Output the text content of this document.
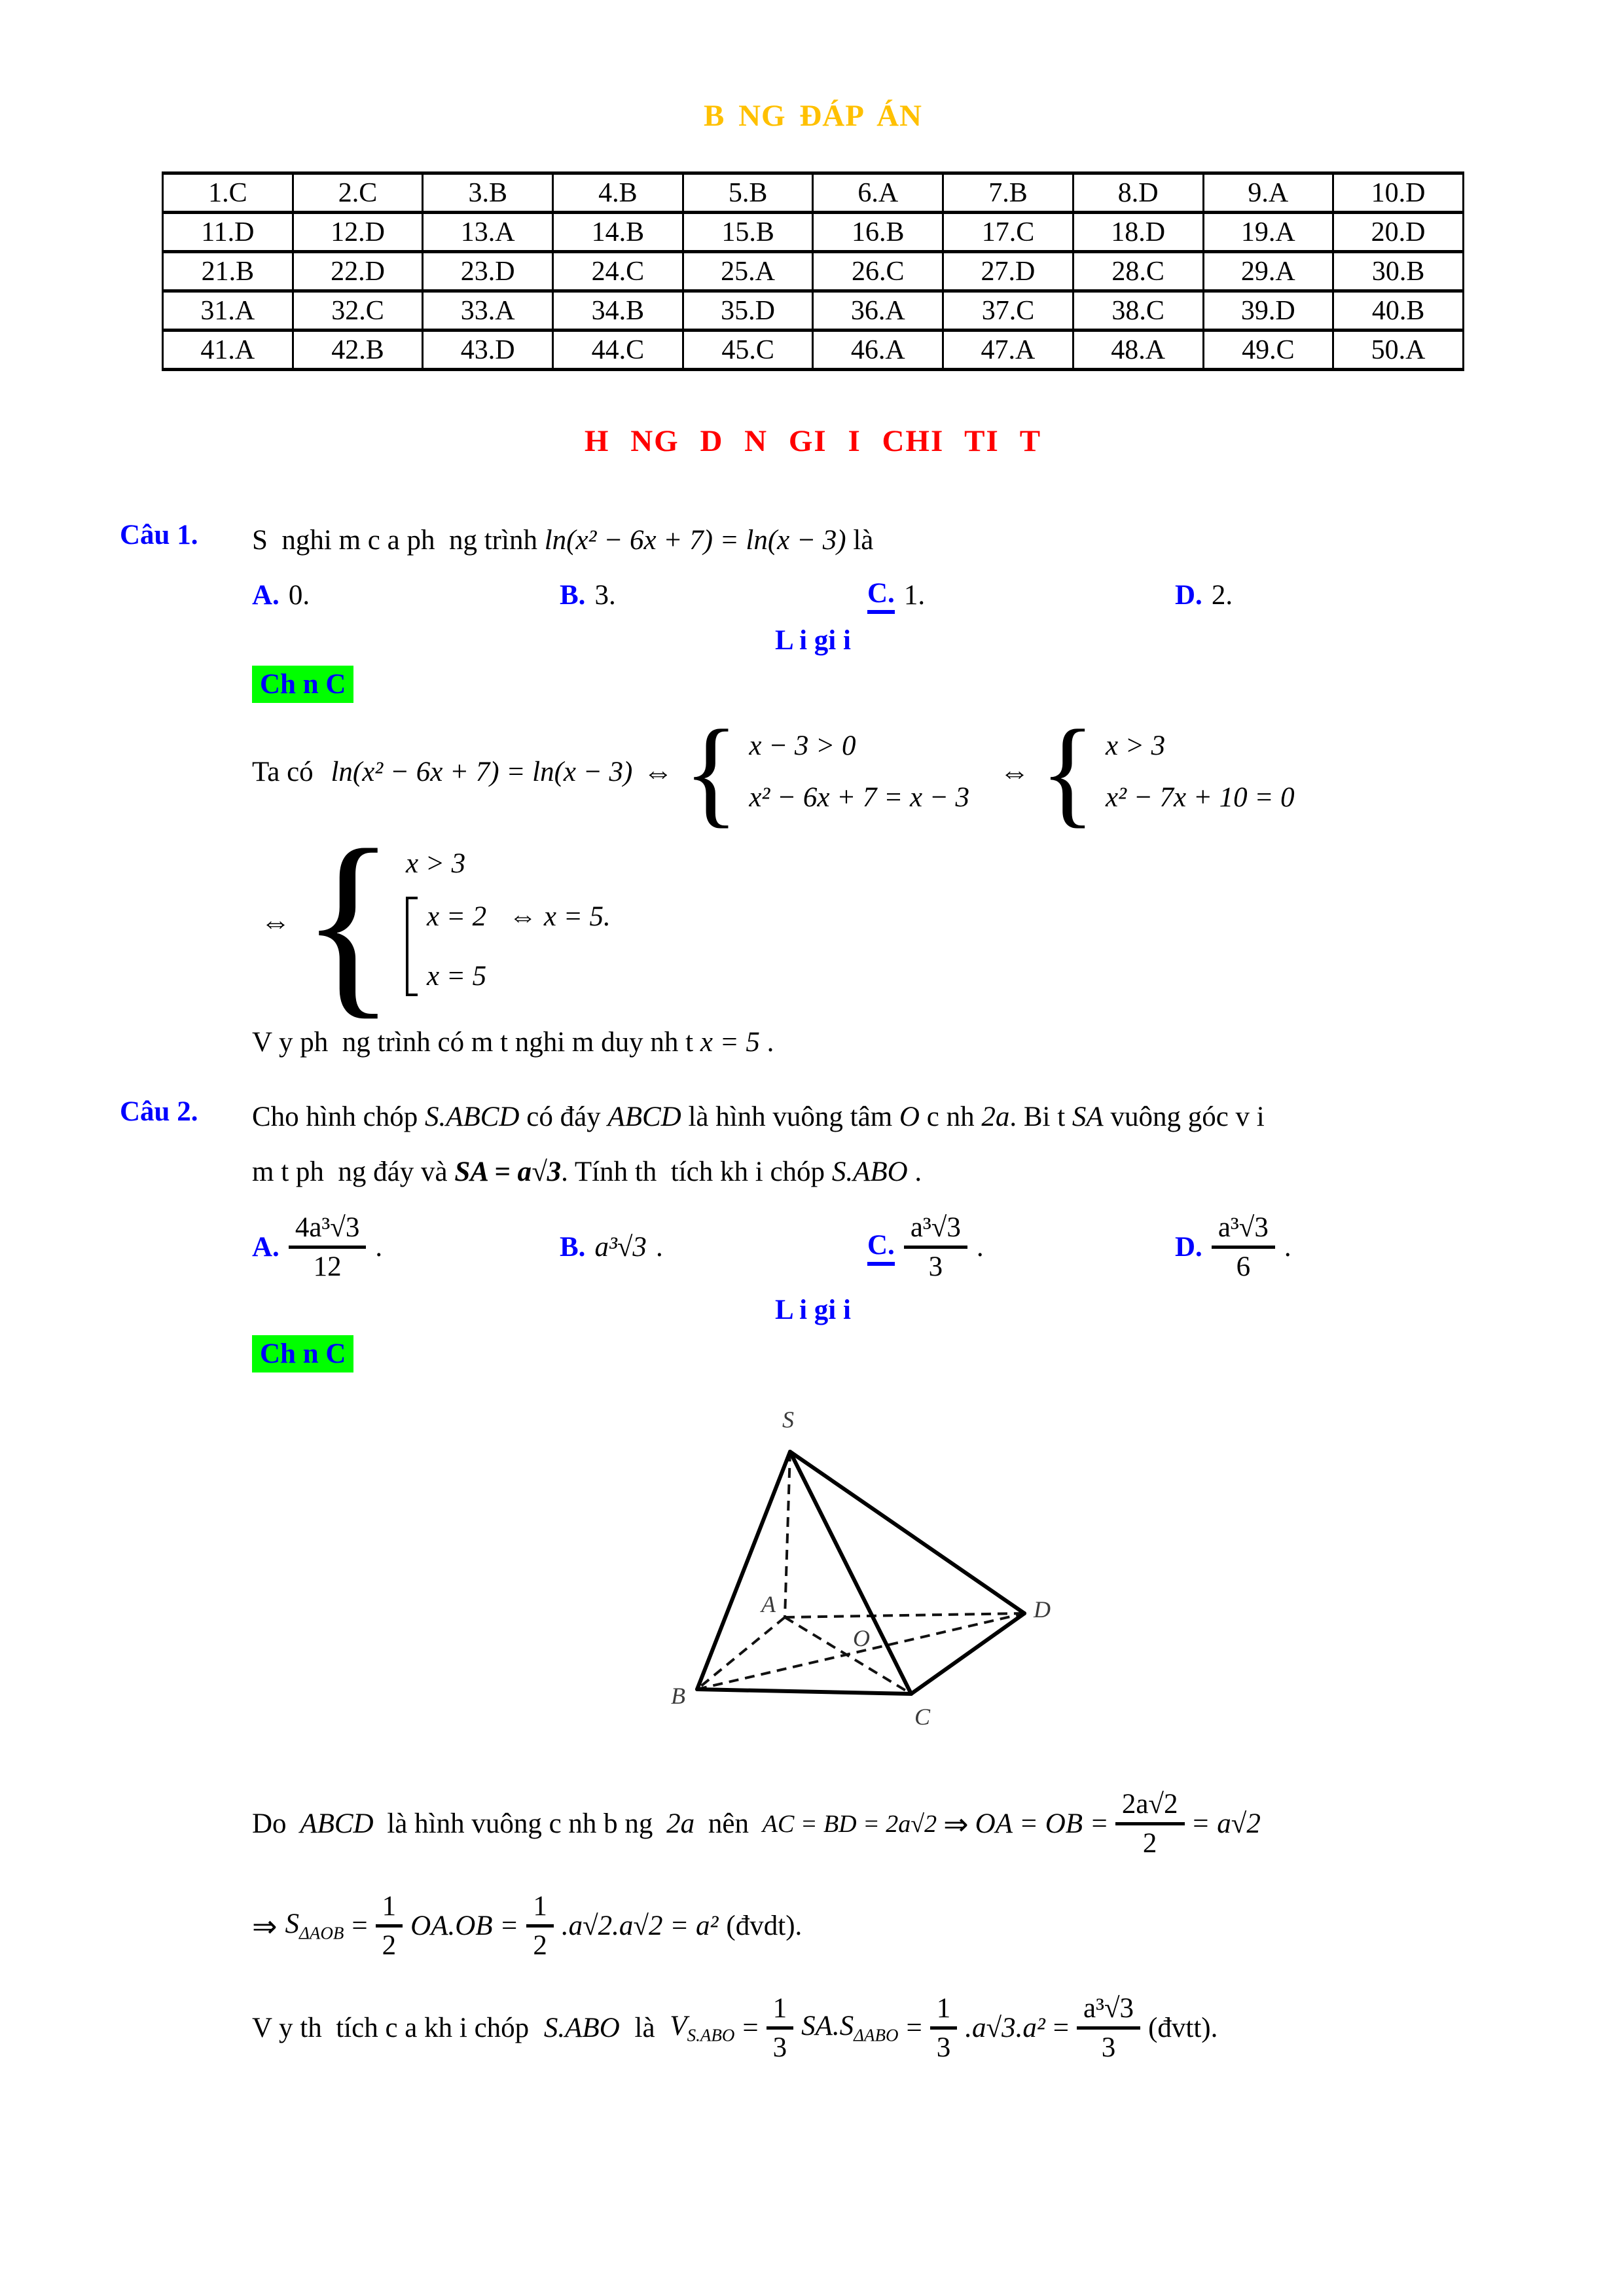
B NG ĐÁP ÁN
1.C	2.C	3.B	4.B	5.B	6.A	7.B	8.D	9.A	10.D
11.D	12.D	13.A	14.B	15.B	16.B	17.C	18.D	19.A	20.D
21.B	22.D	23.D	24.C	25.A	26.C	27.D	28.C	29.A	30.B
31.A	32.C	33.A	34.B	35.D	36.A	37.C	38.C	39.D	40.B
41.A	42.B	43.D	44.C	45.C	46.A	47.A	48.A	49.C	50.A
H NG D N GI I CHI TI T
Câu 1.	S  nghi m c a ph  ng trình ln(x² − 6x + 7) = ln(x − 3) là
A. 0.	B. 3.	C. 1.	D. 2.
L i gi i
Ch n C
Ta có ln(x² − 6x + 7) = ln(x − 3) ⇔ { x − 3 > 0
x² − 6x + 7 = x − 3
⇔ { x > 3
x² − 7x + 10 = 0
⇔ { x > 3
x = 2 ⇔ x = 5.
x = 5
V y ph  ng trình có m t nghi m duy nh t x = 5 .
Câu 2.	Cho hình chóp S.ABCD có đáy ABCD là hình vuông tâm O c nh 2a. Bi t SA vuông góc v i
m t ph  ng đáy và SA = a√3. Tính th  tích kh i chóp S.ABO .
A. $\frac{\text{4a³√3}}{12}$ .	B. a³√3 .	C. $\frac{\text{a³√3}}{3}$ .	D. $\frac{\text{a³√3}}{6}$ .
L i gi i
Ch n C
S
A
B
C
D
O
Do ABCD là hình vuông c nh b ng 2a nên AC = BD = 2a√2 ⇒ OA = OB = $\frac{2a√2}{2} = a√2$
⇒ $S_{\Delta AOB} = \frac{1}{2} OA.OB = \frac{1}{2} .a√2.a√2 = a^2$ (đvdt).
V y th  tích c a kh i chóp S.ABO là $V_{S.ABO} = \frac{1}{3} SA.S_{\Delta ABO} = \frac{1}{3} .a√3.a^2 = \frac{\text{a³√3}}{3}$ (đvtt).
